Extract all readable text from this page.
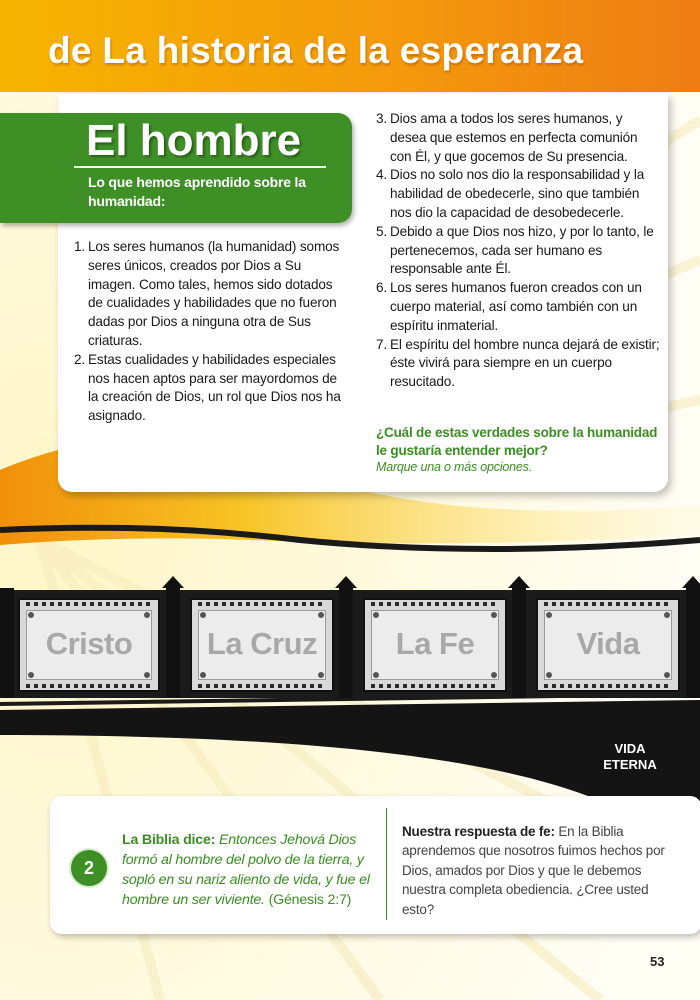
de La historia de la esperanza
El hombre
Lo que hemos aprendido sobre la humanidad:
1. Los seres humanos (la humanidad) somos seres únicos, creados por Dios a Su imagen. Como tales, hemos sido dotados de cualidades y habilidades que no fueron dadas por Dios a ninguna otra de Sus criaturas.
2. Estas cualidades y habilidades especiales nos hacen aptos para ser mayordomos de la creación de Dios, un rol que Dios nos ha asignado.
3. Dios ama a todos los seres humanos, y desea que estemos en perfecta comunión con Él, y que gocemos de Su presencia.
4. Dios no solo nos dio la responsabilidad y la habilidad de obedecerle, sino que también nos dio la capacidad de desobedecerle.
5. Debido a que Dios nos hizo, y por lo tanto, le pertenecemos, cada ser humano es responsable ante Él.
6. Los seres humanos fueron creados con un cuerpo material, así como también con un espíritu inmaterial.
7. El espíritu del hombre nunca dejará de existir; éste vivirá para siempre en un cuerpo resucitado.
¿Cuál de estas verdades sobre la humanidad le gustaría entender mejor?
Marque una o más opciones.
Cristo	La Cruz	La Fe	Vida
VIDA ETERNA
2
La Biblia dice: Entonces Jehová Dios formó al hombre del polvo de la tierra, y sopló en su nariz aliento de vida, y fue el hombre un ser viviente. (Génesis 2:7)
Nuestra respuesta de fe: En la Biblia aprendemos que nosotros fuimos hechos por Dios, amados por Dios y que le debemos nuestra completa obediencia. ¿Cree usted esto?
53
